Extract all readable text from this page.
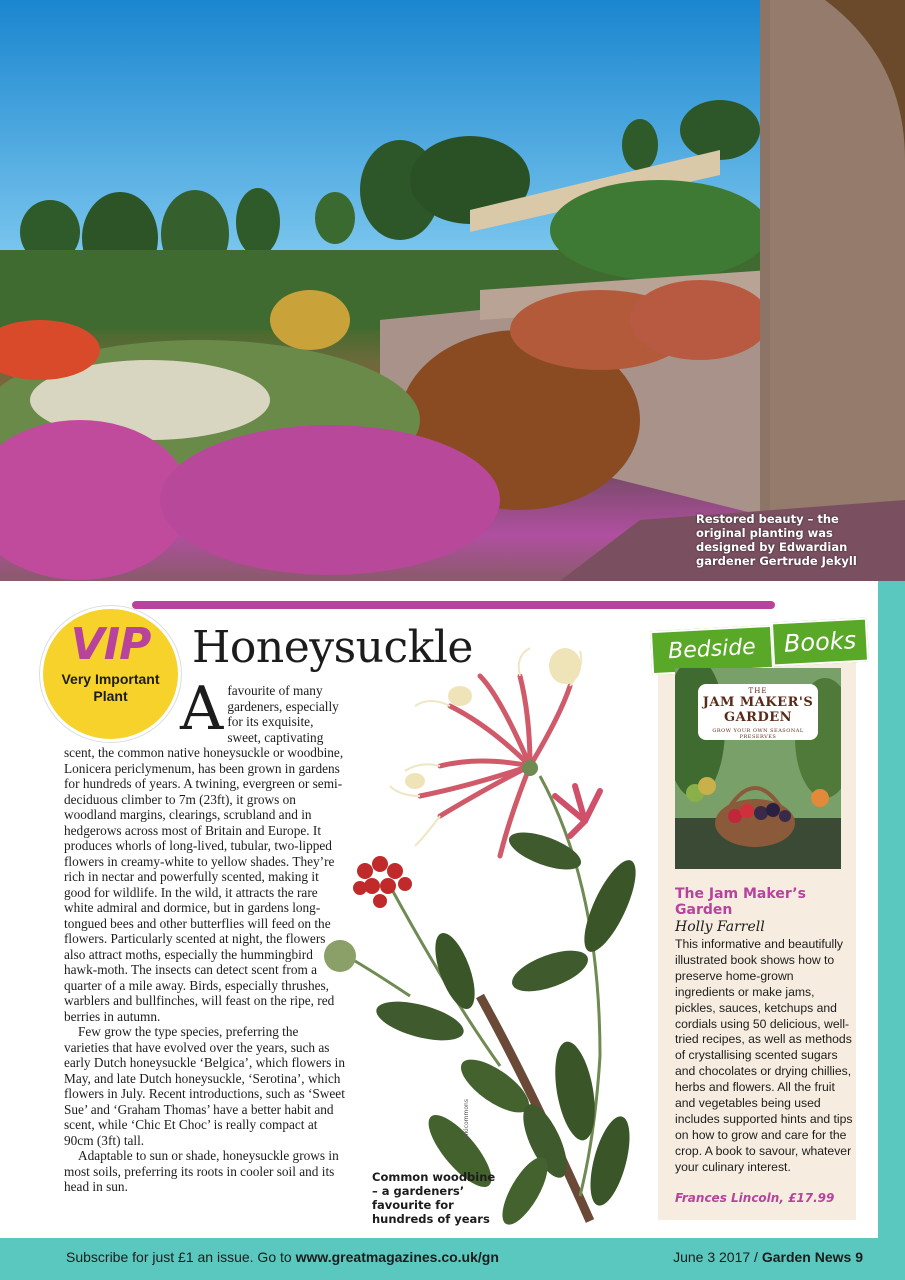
Restored beauty – the original planting was designed by Edwardian gardener Gertrude Jekyll
VIP
Very Important Plant
Honeysuckle

Afavourite of many gardeners, especially for its exquisite, sweet, captivating scent, the common native honeysuckle or woodbine, Lonicera periclymenum, has been grown in gardens for hundreds of years. A twining, evergreen or semi-deciduous climber to 7m (23ft), it grows on woodland margins, clearings, scrubland and in hedgerows across most of Britain and Europe. It produces whorls of long-lived, tubular, two-lipped flowers in creamy-white to yellow shades. They’re rich in nectar and powerfully scented, making it good for wildlife. In the wild, it attracts the rare white admiral and dormice, but in gardens long-tongued bees and other butterflies will feed on the flowers. Particularly scented at night, the flowers also attract moths, especially the hummingbird hawk-moth. The insects can detect scent from a quarter of a mile away. Birds, especially thrushes, warblers and bullfinches, will feast on the ripe, red berries in autumn.

Few grow the type species, preferring the varieties that have evolved over the years, such as early Dutch honeysuckle ‘Belgica’, which flowers in May, and late Dutch honeysuckle, ‘Serotina’, which flowers in July. Recent introductions, such as ‘Sweet Sue’ and ‘Graham Thomas’ have a better habit and scent, while ‘Chic Et Choc’ is really compact at 90cm (3ft) tall.

Adaptable to sun or shade, honeysuckle grows in most soils, preferring its roots in cooler soil and its head in sun.

wikicommons
Common woodbine – a gardeners’ favourite for hundreds of years
Bedside	Books
THE
JAM MAKER'S GARDEN
GROW YOUR OWN SEASONAL PRESERVES
The Jam Maker’s Garden
Holly Farrell
This informative and beautifully illustrated book shows how to preserve home-grown ingredients or make jams, pickles, sauces, ketchups and cordials using 50 delicious, well-tried recipes, as well as methods of crystallising scented sugars and chocolates or drying chillies, herbs and flowers. All the fruit and vegetables being used includes supported hints and tips on how to grow and care for the crop. A book to savour, whatever your culinary interest.
Frances Lincoln, £17.99
Subscribe for just £1 an issue. Go to www.greatmagazines.co.uk/gn	June 3 2017 / Garden News 9
